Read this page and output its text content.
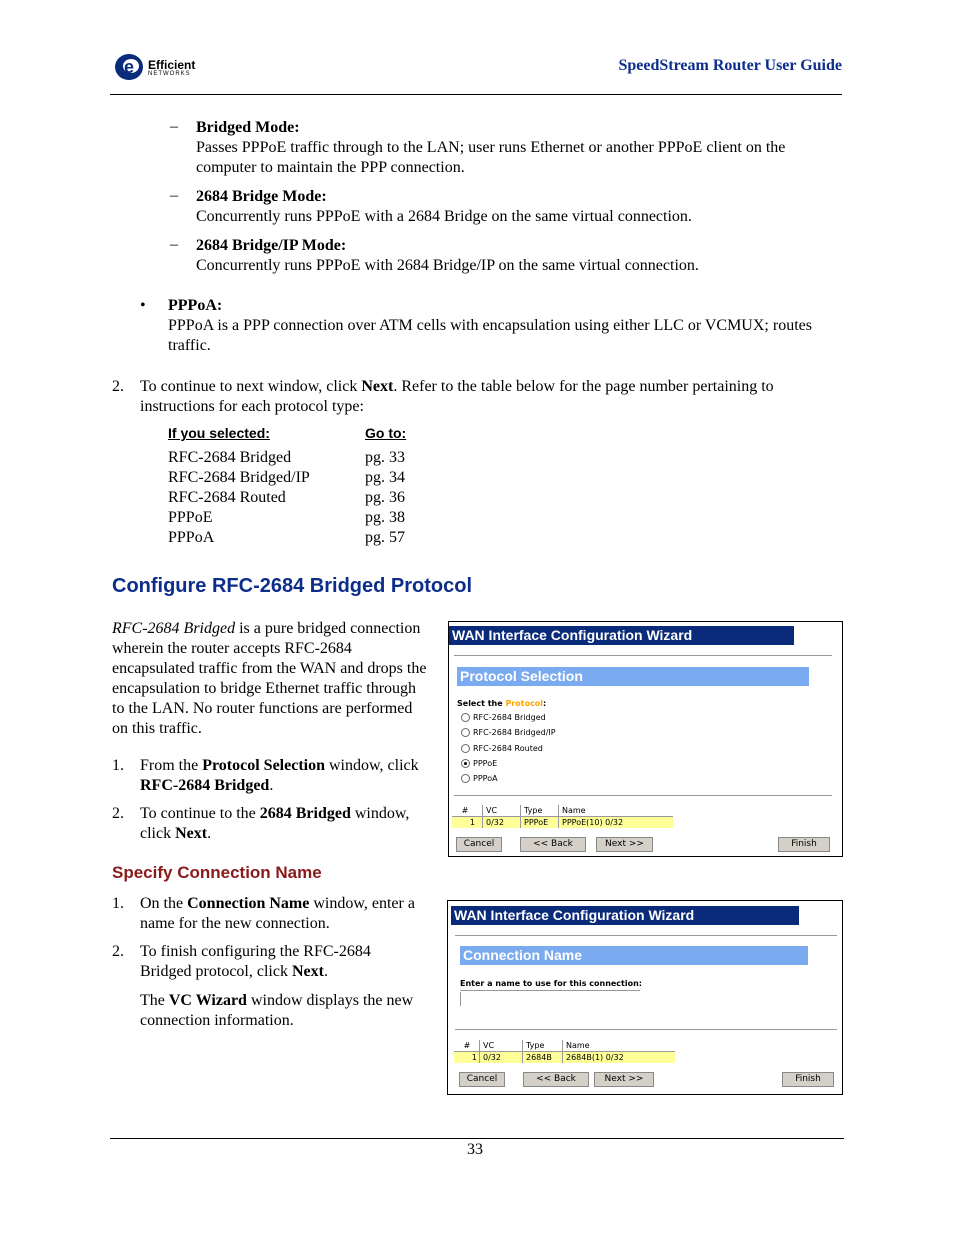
e Efficient
NETWORKS	SpeedStream Router User Guide
– Bridged Mode:
Passes PPPoE traffic through to the LAN; user runs Ethernet or another PPPoE client on the computer to maintain the PPP connection.
– 2684 Bridge Mode:
Concurrently runs PPPoE with a 2684 Bridge on the same virtual connection.
– 2684 Bridge/IP Mode:
Concurrently runs PPPoE with 2684 Bridge/IP on the same virtual connection.
• PPPoA:
PPPoA is a PPP connection over ATM cells with encapsulation using either LLC or VCMUX; routes traffic.
2. To continue to next window, click Next. Refer to the table below for the page number pertaining to instructions for each protocol type:
If you selected:	Go to:
RFC-2684 Bridged	pg. 33
RFC-2684 Bridged/IP	pg. 34
RFC-2684 Routed	pg. 36
PPPoE	pg. 38
PPPoA	pg. 57
Configure RFC-2684 Bridged Protocol
RFC-2684 Bridged is a pure bridged connection wherein the router accepts RFC-2684 encapsulated traffic from the WAN and drops the encapsulation to bridge Ethernet traffic through to the LAN. No router functions are performed on this traffic.
1. From the Protocol Selection window, click RFC-2684 Bridged.
2. To continue to the 2684 Bridged window, click Next.
Specify Connection Name
1. On the Connection Name window, enter a name for the new connection.
2. To finish configuring the RFC-2684 Bridged protocol, click Next.
The VC Wizard window displays the new connection information.
WAN Interface Configuration Wizard
Protocol Selection
Select the Protocol:
RFC-2684 Bridged
RFC-2684 Bridged/IP
RFC-2684 Routed
PPPoE
PPPoA
#	VC	Type	Name
1	0/32	PPPoE	PPPoE(10) 0/32
Cancel	<< Back	Next >>	Finish
WAN Interface Configuration Wizard
Connection Name
Enter a name to use for this connection:
#	VC	Type	Name
1 0/32	2684B	2684B(1) 0/32
Cancel	<< Back	Next >>	Finish
33
